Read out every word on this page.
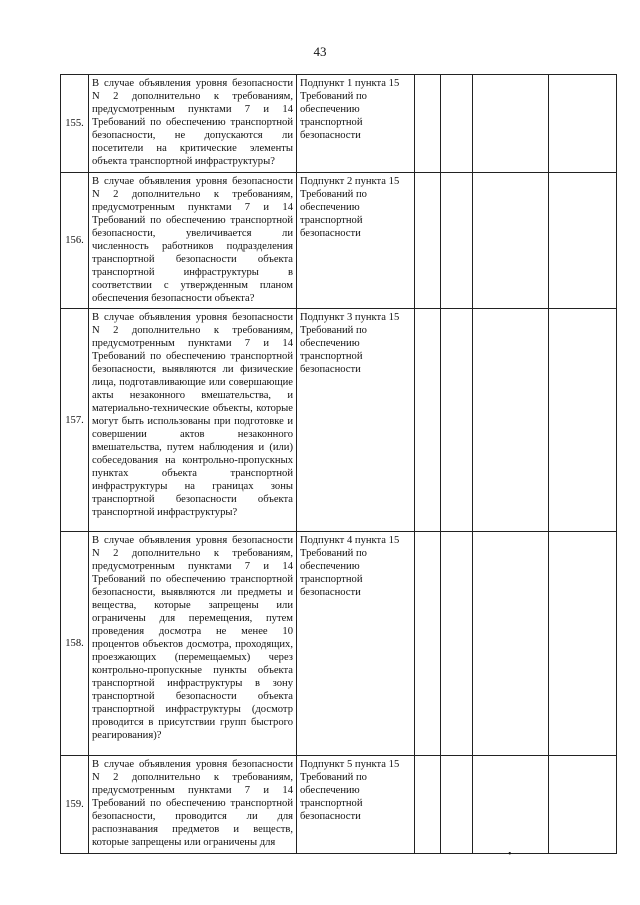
43
155.	В случае объявления уровня безопасности N 2 дополнительно к требованиям, предусмотренным пунктами 7 и 14 Требований по обеспечению транспортной безопасности, не допускаются ли посетители на критические элементы объекта транспортной инфраструктуры?	Подпункт 1 пункта 15 Требований по обеспечению транспортной безопасности				
156.	В случае объявления уровня безопасности N 2 дополнительно к требованиям, предусмотренным пунктами 7 и 14 Требований по обеспечению транспортной безопасности, увеличивается ли численность работников подразделения транспортной безопасности объекта транспортной инфраструктуры в соответствии с утвержденным планом обеспечения безопасности объекта?	Подпункт 2 пункта 15 Требований по обеспечению транспортной безопасности				
157.	В случае объявления уровня безопасности N 2 дополнительно к требованиям, предусмотренным пунктами 7 и 14 Требований по обеспечению транспортной безопасности, выявляются ли физические лица, подготавливающие или совершающие акты незаконного вмешательства, и материально-технические объекты, которые могут быть использованы при подготовке и совершении актов незаконного вмешательства, путем наблюдения и (или) собеседования на контрольно-пропускных пунктах объекта транспортной инфраструктуры на границах зоны транспортной безопасности объекта транспортной инфраструктуры?	Подпункт 3 пункта 15 Требований по обеспечению транспортной безопасности				
158.	В случае объявления уровня безопасности N 2 дополнительно к требованиям, предусмотренным пунктами 7 и 14 Требований по обеспечению транспортной безопасности, выявляются ли предметы и вещества, которые запрещены или ограничены для перемещения, путем проведения досмотра не менее 10 процентов объектов досмотра, проходящих, проезжающих (перемещаемых) через контрольно-пропускные пункты объекта транспортной инфраструктуры в зону транспортной безопасности объекта транспортной инфраструктуры (досмотр проводится в присутствии групп быстрого реагирования)?	Подпункт 4 пункта 15 Требований по обеспечению транспортной безопасности				
159.	В случае объявления уровня безопасности N 2 дополнительно к требованиям, предусмотренным пунктами 7 и 14 Требований по обеспечению транспортной безопасности, проводится ли для распознавания предметов и веществ, которые запрещены или ограничены для	Подпункт 5 пункта 15 Требований по обеспечению транспортной безопасности				
•
